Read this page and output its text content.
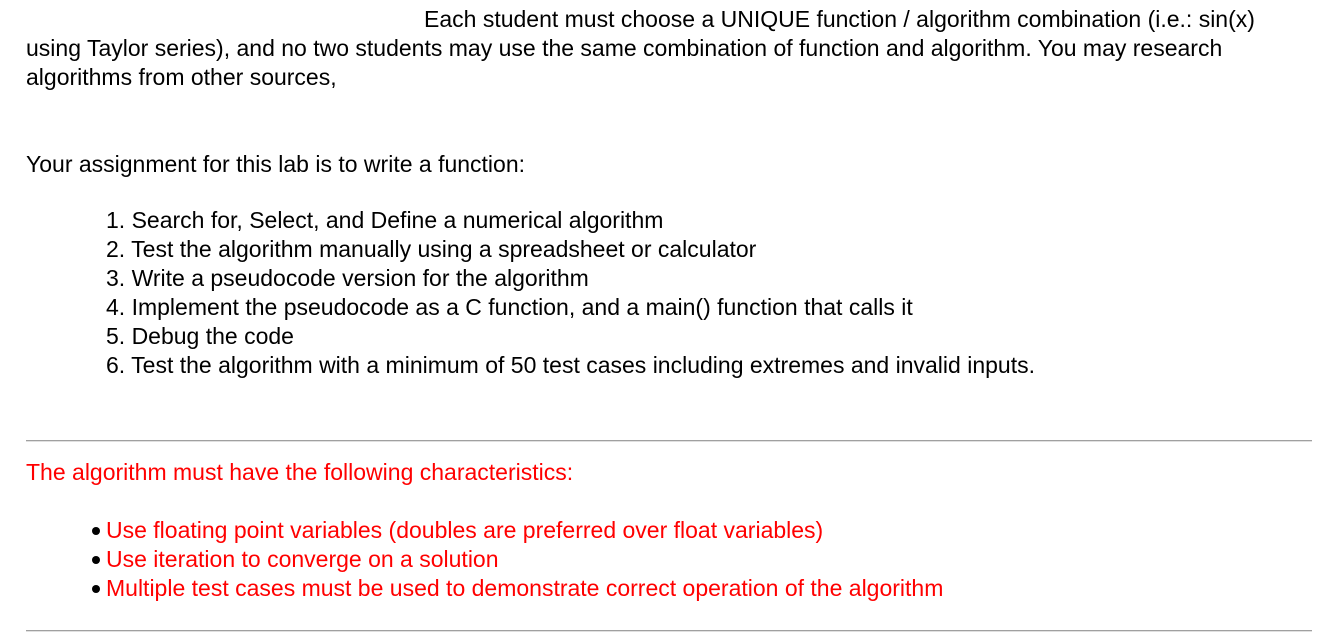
Each student must choose a UNIQUE function / algorithm combination (i.e.: sin(x) using Taylor series), and no two students may use the same combination of function and algorithm. You may research algorithms from other sources,

Your assignment for this lab is to write a function:

1. Search for, Select, and Define a numerical algorithm
2. Test the algorithm manually using a spreadsheet or calculator
3. Write a pseudocode version for the algorithm
4. Implement the pseudocode as a C function, and a main() function that calls it
5. Debug the code
6. Test the algorithm with a minimum of 50 test cases including extremes and invalid inputs.

The algorithm must have the following characteristics:

Use floating point variables (doubles are preferred over float variables)
Use iteration to converge on a solution
Multiple test cases must be used to demonstrate correct operation of the algorithm
